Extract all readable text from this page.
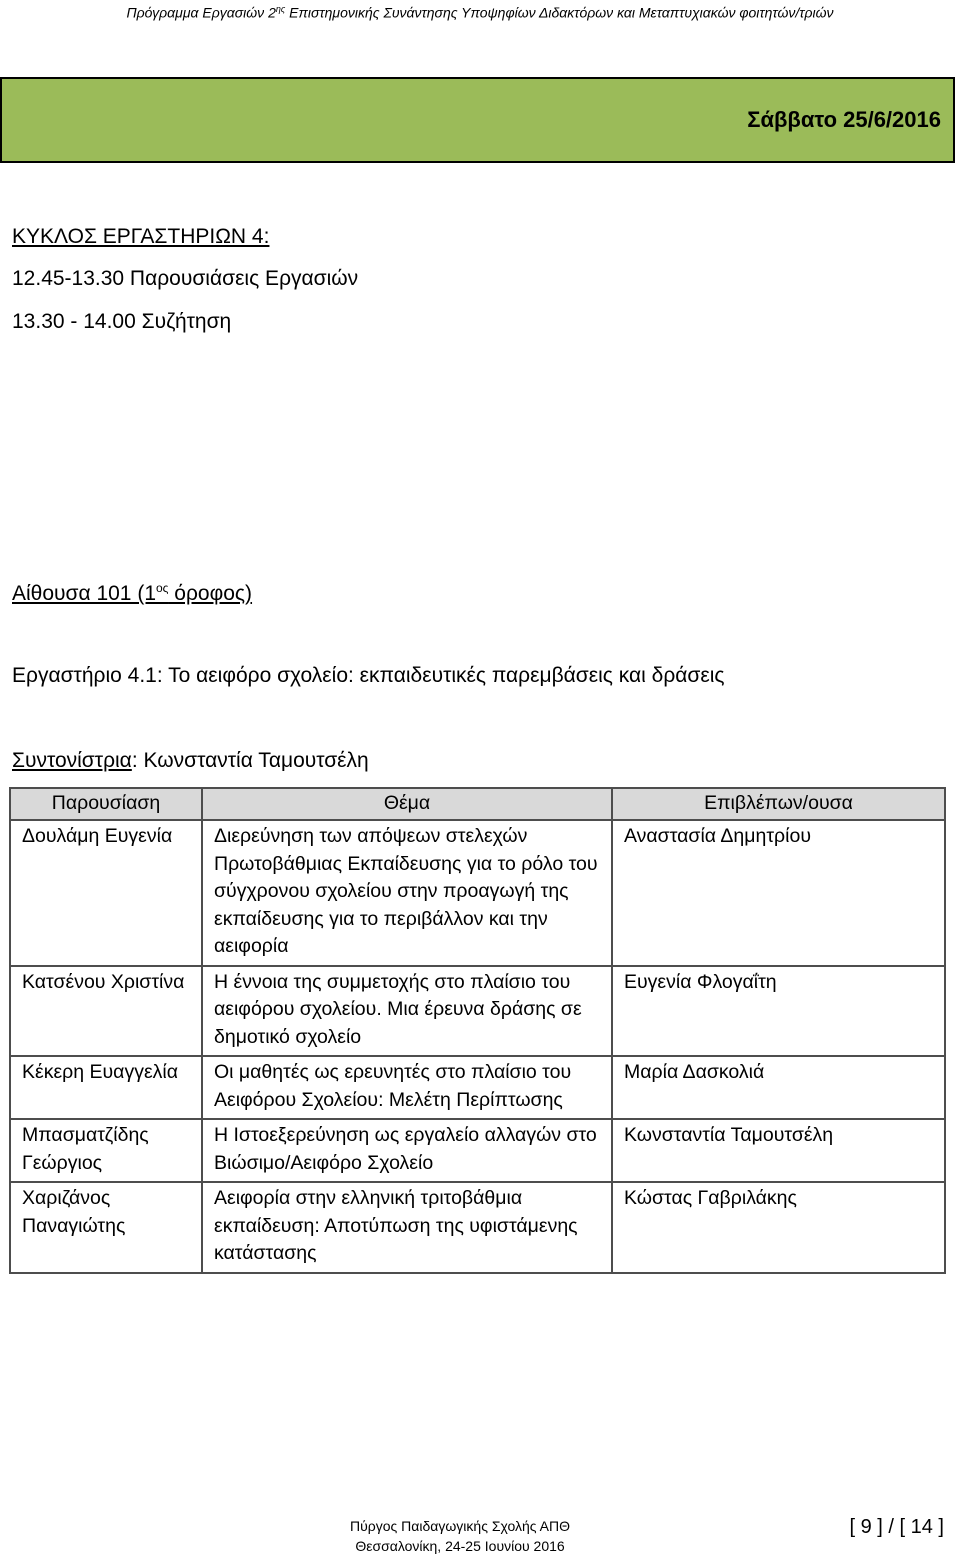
Πρόγραμμα Εργασιών $2^{\eta\varsigma}$ Επιστημονικής Συνάντησης Υποψηφίων Διδακτόρων και Μεταπτυχιακών φοιτητών/τριών
Σάββατο 25/6/2016
ΚΥΚΛΟΣ ΕΡΓΑΣΤΗΡΙΩΝ 4:
12.45-13.30 Παρουσιάσεις Εργασιών
13.30 - 14.00 Συζήτηση
Αίθουσα 101 ($1^{o\varsigma}$ όροφος)
Εργαστήριο 4.1: Το αειφόρο σχολείο: εκπαιδευτικές παρεμβάσεις και δράσεις
Συντονίστρια: Κωνσταντία Ταμουτσέλη
Παρουσίαση	Θέμα	Επιβλέπων/ουσα
Δουλάμη Ευγενία	Διερεύνηση των απόψεων στελεχών Πρωτοβάθμιας Εκπαίδευσης για το ρόλο του σύγχρονου σχολείου στην προαγωγή της εκπαίδευσης για το περιβάλλον και την αειφορία	Αναστασία Δημητρίου
Κατσένου Χριστίνα	Η έννοια της συμμετοχής στο πλαίσιο του αειφόρου σχολείου. Μια έρευνα δράσης σε δημοτικό σχολείο	Ευγενία Φλογαΐτη
Κέκερη Ευαγγελία	Οι μαθητές ως ερευνητές στο πλαίσιο του Αειφόρου Σχολείου: Μελέτη Περίπτωσης	Μαρία Δασκολιά
Μπασματζίδης Γεώργιος	Η Ιστοεξερεύνηση ως εργαλείο αλλαγών στο Βιώσιμο/Αειφόρο Σχολείο	Κωνσταντία Ταμουτσέλη
Χαριζάνος Παναγιώτης	Αειφορία στην ελληνική τριτοβάθμια εκπαίδευση: Αποτύπωση της υφιστάμενης κατάστασης	Κώστας Γαβριλάκης
Πύργος Παιδαγωγικής Σχολής ΑΠΘ
Θεσσαλονίκη, 24-25 Ιουνίου 2016
[ 9 ] / [ 14 ]
